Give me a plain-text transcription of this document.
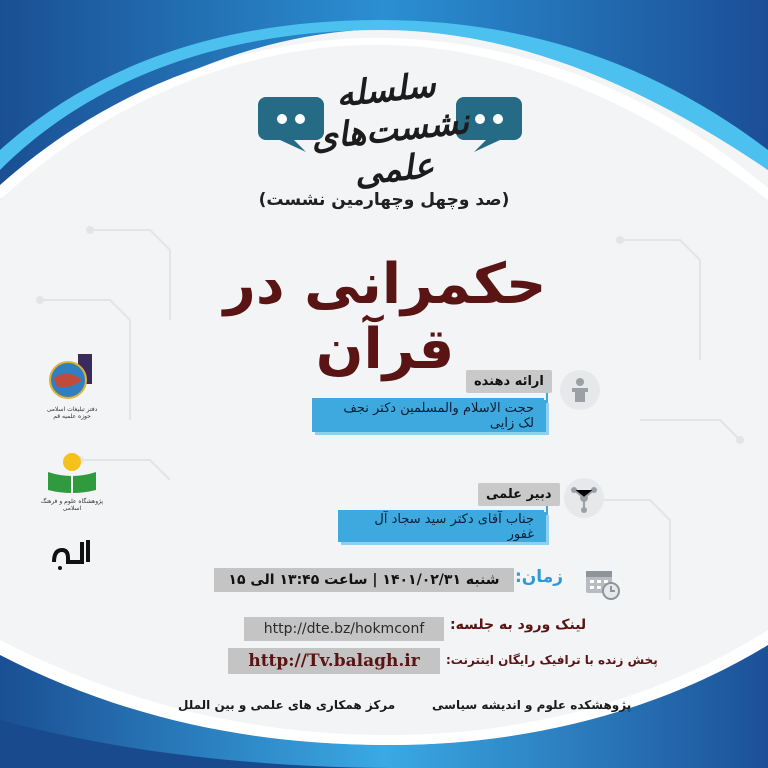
سلسله نشست‌های علمی
(صد وچهل وچهارمین نشست)
حکمرانی در قرآن	ارائه دهنده
حجت الاسلام والمسلمین دکتر نجف لک زایی
دبیر علمی
جناب آقای دکتر سید سجاد آل غفور
زمان:
شنبه ۱۴۰۱/۰۲/۳۱ | ساعت ۱۳:۴۵ الی ۱۵
لینک ورود به جلسه:
http://dte.bz/hokmconf
پخش زنده با ترافیک رایگان اینترنت:
http://Tv.balagh.ir
مرکز همکاری های علمی و بین الملل	پژوهشکده علوم و اندیشه سیاسی
دفتر تبلیغات اسلامی حوزه علمیه قم
پژوهشگاه علوم و فرهنگ اسلامی
